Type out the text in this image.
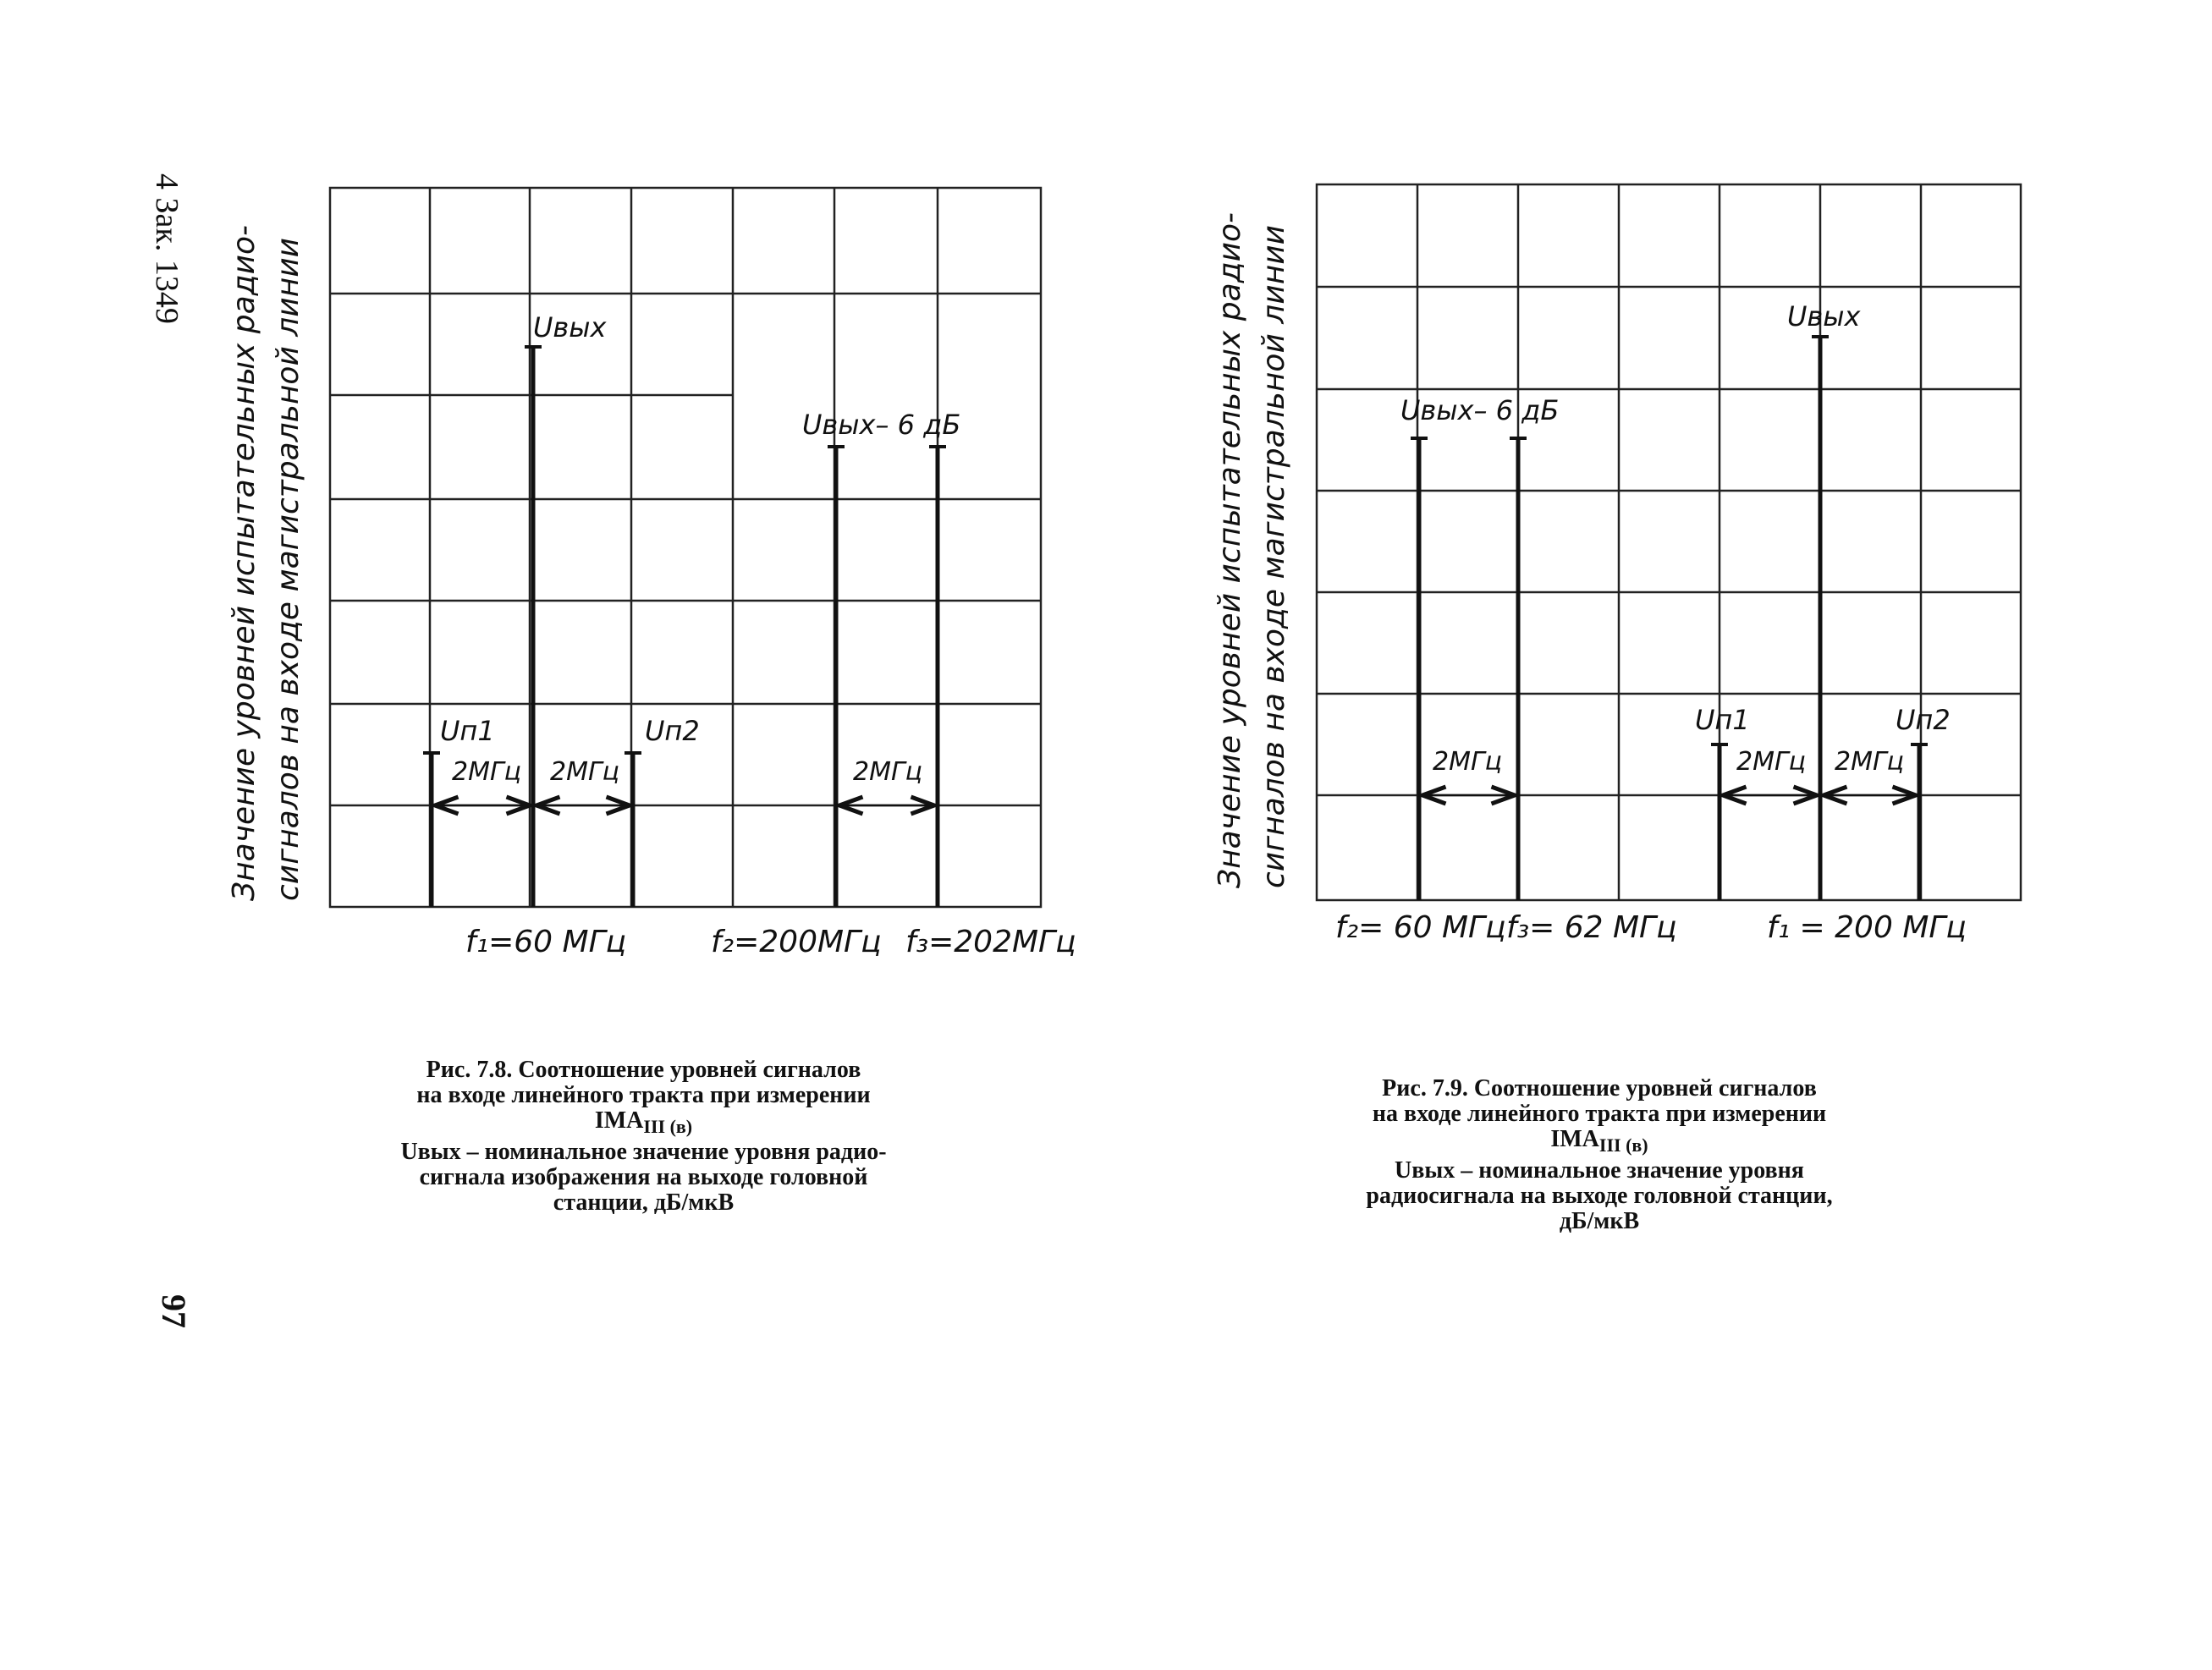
4 Зак. 1349
97
Значение уровней испытательных радио- сигналов на входе магистральной линии	Uвых
Uвых– 6 дБ
Uп1	Uп2
2МГц 2МГц	2МГц
f₁=60 МГц	f₂=200МГц f₃=202МГц
Значение уровней испытательных радио- сигналов на входе магистральной линии	Uвых
Uвых– 6 дБ
Uп1	Uп2
2МГц	2МГц 2МГц
f₂= 60 МГц f₃= 62 МГц	f₁ = 200 МГц
Рис. 7.8. Соотношение уровней сигналов
на входе линейного тракта при измерении
$IMA_{III (в)}$
Uвых – номинальное значение уровня радио-
сигнала изображения на выходе головной
станции, дБ/мкВ
Рис. 7.9. Соотношение уровней сигналов
на входе линейного тракта при измерении
$IMA_{III (в)}$
Uвых – номинальное значение уровня
радиосигнала на выходе головной станции,
дБ/мкВ
